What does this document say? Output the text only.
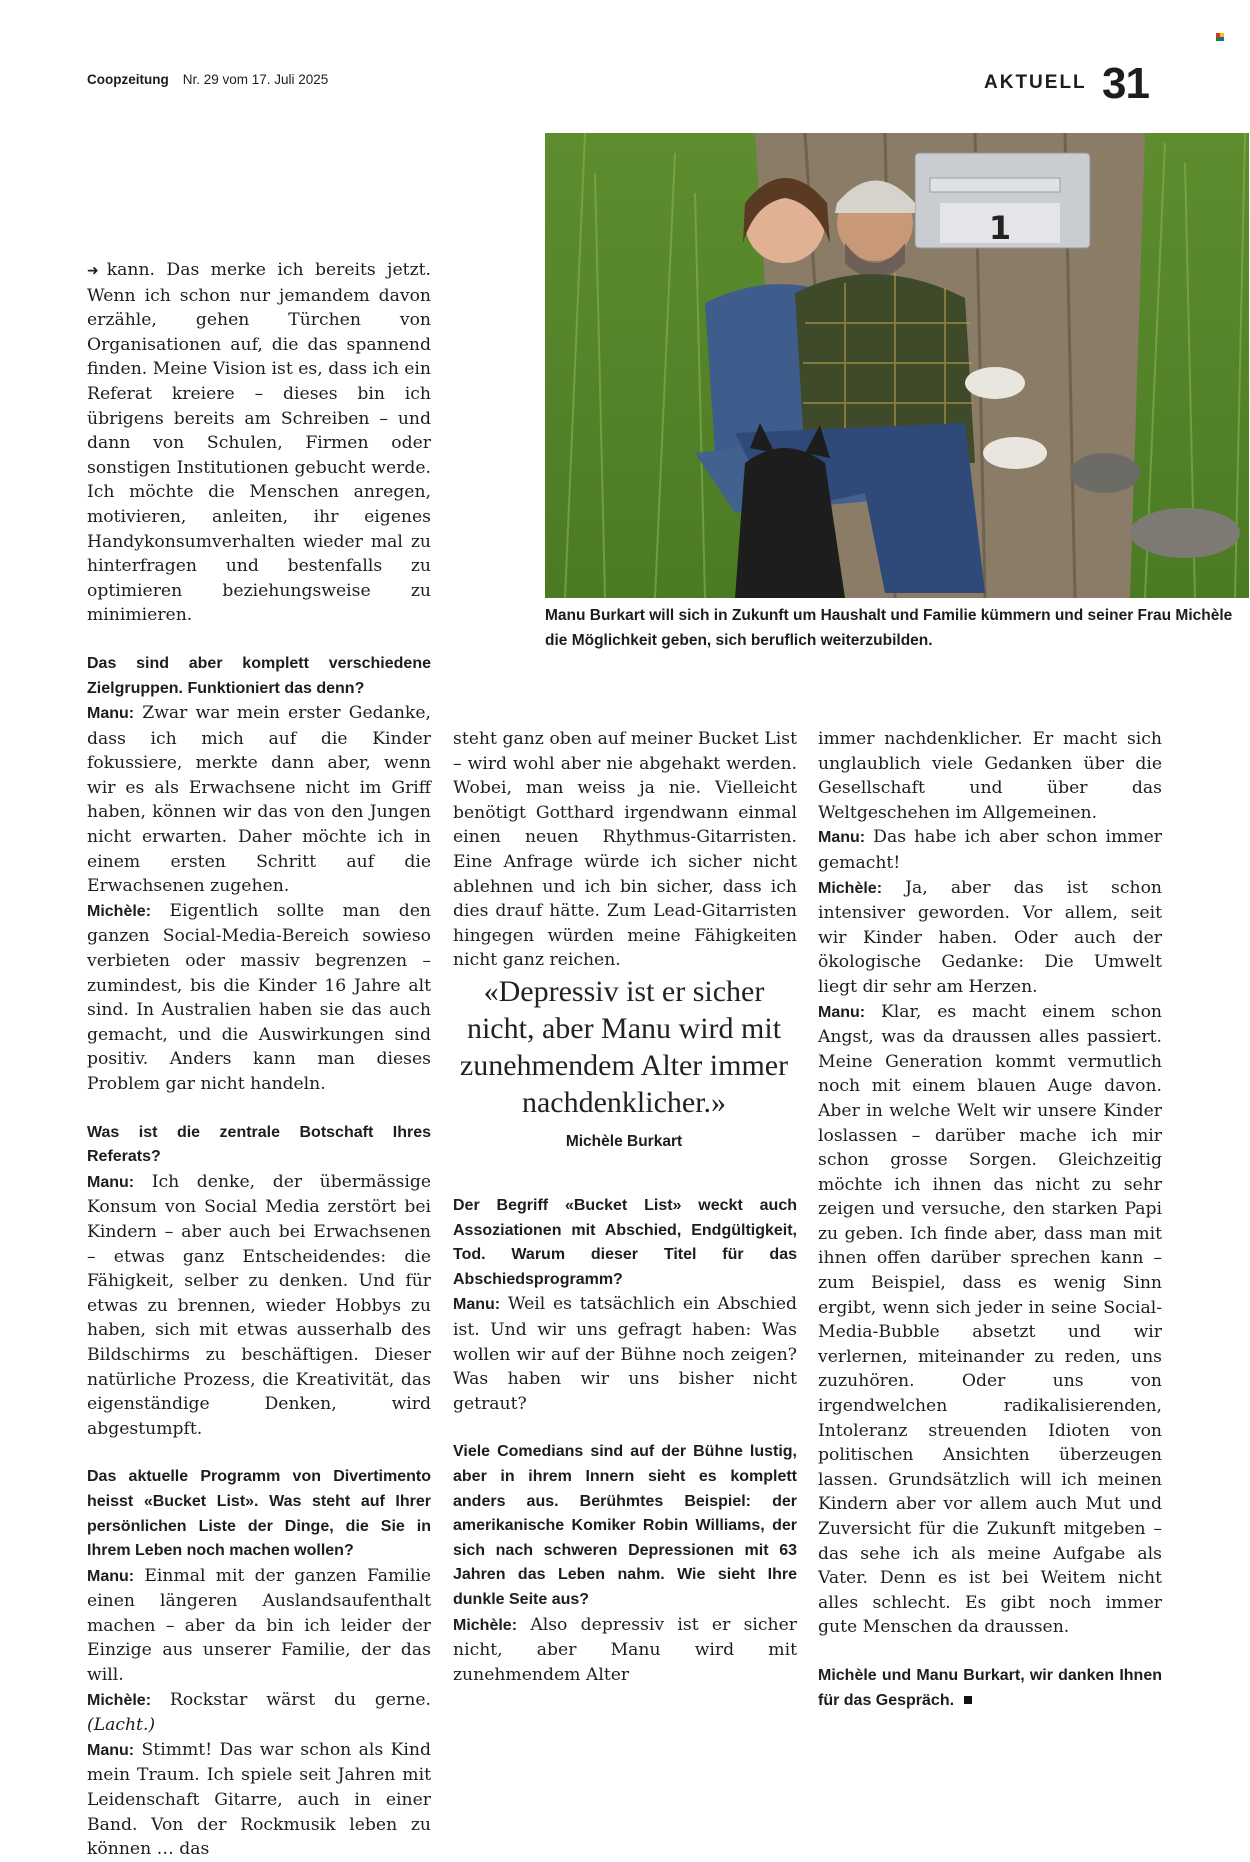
Coopzeitung Nr. 29 vom 17. Juli 2025	AKTUELL 31
1
Manu Burkart will sich in Zukunft um Haushalt und Familie kümmern und seiner Frau Michèle die Möglichkeit geben, sich beruflich weiterzubilden.

➜ kann. Das merke ich bereits jetzt. Wenn ich schon nur jemandem davon erzähle, gehen Türchen von Organisationen auf, die das spannend finden. Meine Vision ist es, dass ich ein Referat kreiere – dieses bin ich übrigens bereits am Schreiben – und dann von Schulen, Firmen oder sonstigen Institutionen gebucht werde. Ich möchte die Menschen anregen, motivieren, anleiten, ihr eigenes Handykonsumverhalten wieder mal zu hinterfragen und bestenfalls zu optimieren beziehungsweise zu minimieren.

Das sind aber komplett verschiedene Zielgruppen. Funktioniert das denn?

Manu: Zwar war mein erster Gedanke, dass ich mich auf die Kinder fokussiere, merkte dann aber, wenn wir es als Erwachsene nicht im Griff haben, können wir das von den Jungen nicht erwarten. Daher möchte ich in einem ersten Schritt auf die Erwachsenen zugehen.

Michèle: Eigentlich sollte man den ganzen Social-Media-Bereich sowieso verbieten oder massiv begrenzen – zumindest, bis die Kinder 16 Jahre alt sind. In Australien haben sie das auch gemacht, und die Auswirkungen sind positiv. Anders kann man dieses Problem gar nicht handeln.

Was ist die zentrale Botschaft Ihres Referats?

Manu: Ich denke, der übermässige Konsum von Social Media zerstört bei Kindern – aber auch bei Erwachsenen – etwas ganz Entscheidendes: die Fähigkeit, selber zu denken. Und für etwas zu brennen, wieder Hobbys zu haben, sich mit etwas ausserhalb des Bildschirms zu beschäftigen. Dieser natürliche Prozess, die Kreativität, das eigenständige Denken, wird abgestumpft.

Das aktuelle Programm von Divertimento heisst «Bucket List». Was steht auf Ihrer persönlichen Liste der Dinge, die Sie in Ihrem Leben noch machen wollen?

Manu: Einmal mit der ganzen Familie einen längeren Auslandsaufenthalt machen – aber da bin ich leider der Einzige aus unserer Familie, der das will.

Michèle: Rockstar wärst du gerne. (Lacht.)

Manu: Stimmt! Das war schon als Kind mein Traum. Ich spiele seit Jahren mit Leidenschaft Gitarre, auch in einer Band. Von der Rockmusik leben zu können … das

steht ganz oben auf meiner Bucket List – wird wohl aber nie abgehakt werden. Wobei, man weiss ja nie. Vielleicht benötigt Gotthard irgendwann einmal einen neuen Rhythmus-Gitarristen. Eine Anfrage würde ich sicher nicht ablehnen und ich bin sicher, dass ich dies drauf hätte. Zum Lead-Gitarristen hingegen würden meine Fähigkeiten nicht ganz reichen.

«Depressiv ist er sicher nicht, aber Manu wird mit zunehmendem Alter immer nachdenklicher.»
Michèle Burkart

Der Begriff «Bucket List» weckt auch Assoziationen mit Abschied, Endgültigkeit, Tod. Warum dieser Titel für das Abschiedsprogramm?

Manu: Weil es tatsächlich ein Abschied ist. Und wir uns gefragt haben: Was wollen wir auf der Bühne noch zeigen? Was haben wir uns bisher nicht getraut?

Viele Comedians sind auf der Bühne lustig, aber in ihrem Innern sieht es komplett anders aus. Berühmtes Beispiel: der amerikanische Komiker Robin Williams, der sich nach schweren Depressionen mit 63 Jahren das Leben nahm. Wie sieht Ihre dunkle Seite aus?

Michèle: Also depressiv ist er sicher nicht, aber Manu wird mit zunehmendem Alter

immer nachdenklicher. Er macht sich unglaublich viele Gedanken über die Gesellschaft und über das Weltgeschehen im Allgemeinen.

Manu: Das habe ich aber schon immer gemacht!

Michèle: Ja, aber das ist schon intensiver geworden. Vor allem, seit wir Kinder haben. Oder auch der ökologische Gedanke: Die Umwelt liegt dir sehr am Herzen.

Manu: Klar, es macht einem schon Angst, was da draussen alles passiert. Meine Generation kommt vermutlich noch mit einem blauen Auge davon. Aber in welche Welt wir unsere Kinder loslassen – darüber mache ich mir schon grosse Sorgen. Gleichzeitig möchte ich ihnen das nicht zu sehr zeigen und versuche, den starken Papi zu geben. Ich finde aber, dass man mit ihnen offen darüber sprechen kann – zum Beispiel, dass es wenig Sinn ergibt, wenn sich jeder in seine Social-Media-Bubble absetzt und wir verlernen, miteinander zu reden, uns zuzuhören. Oder uns von irgendwelchen radikalisierenden, Intoleranz streuenden Idioten von politischen Ansichten überzeugen lassen. Grundsätzlich will ich meinen Kindern aber vor allem auch Mut und Zuversicht für die Zukunft mitgeben – das sehe ich als meine Aufgabe als Vater. Denn es ist bei Weitem nicht alles schlecht. Es gibt noch immer gute Menschen da draussen.

Michèle und Manu Burkart, wir danken Ihnen für das Gespräch.
